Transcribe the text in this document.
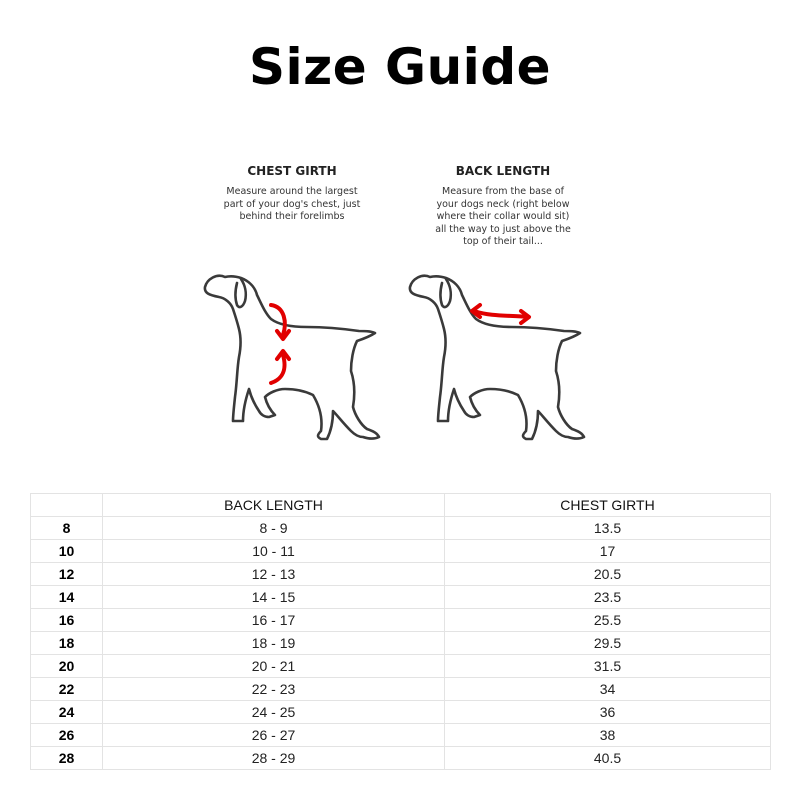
Size Guide

CHEST GIRTH

Measure around the largest part of your dog's chest, just behind their forelimbs

BACK LENGTH

Measure from the base of your dogs neck (right below where their collar would sit) all the way to just above the top of their tail...

	BACK LENGTH	CHEST GIRTH
8	8 - 9	13.5
10	10 - 11	17
12	12 - 13	20.5
14	14 - 15	23.5
16	16 - 17	25.5
18	18 - 19	29.5
20	20 - 21	31.5
22	22 - 23	34
24	24 - 25	36
26	26 - 27	38
28	28 - 29	40.5
